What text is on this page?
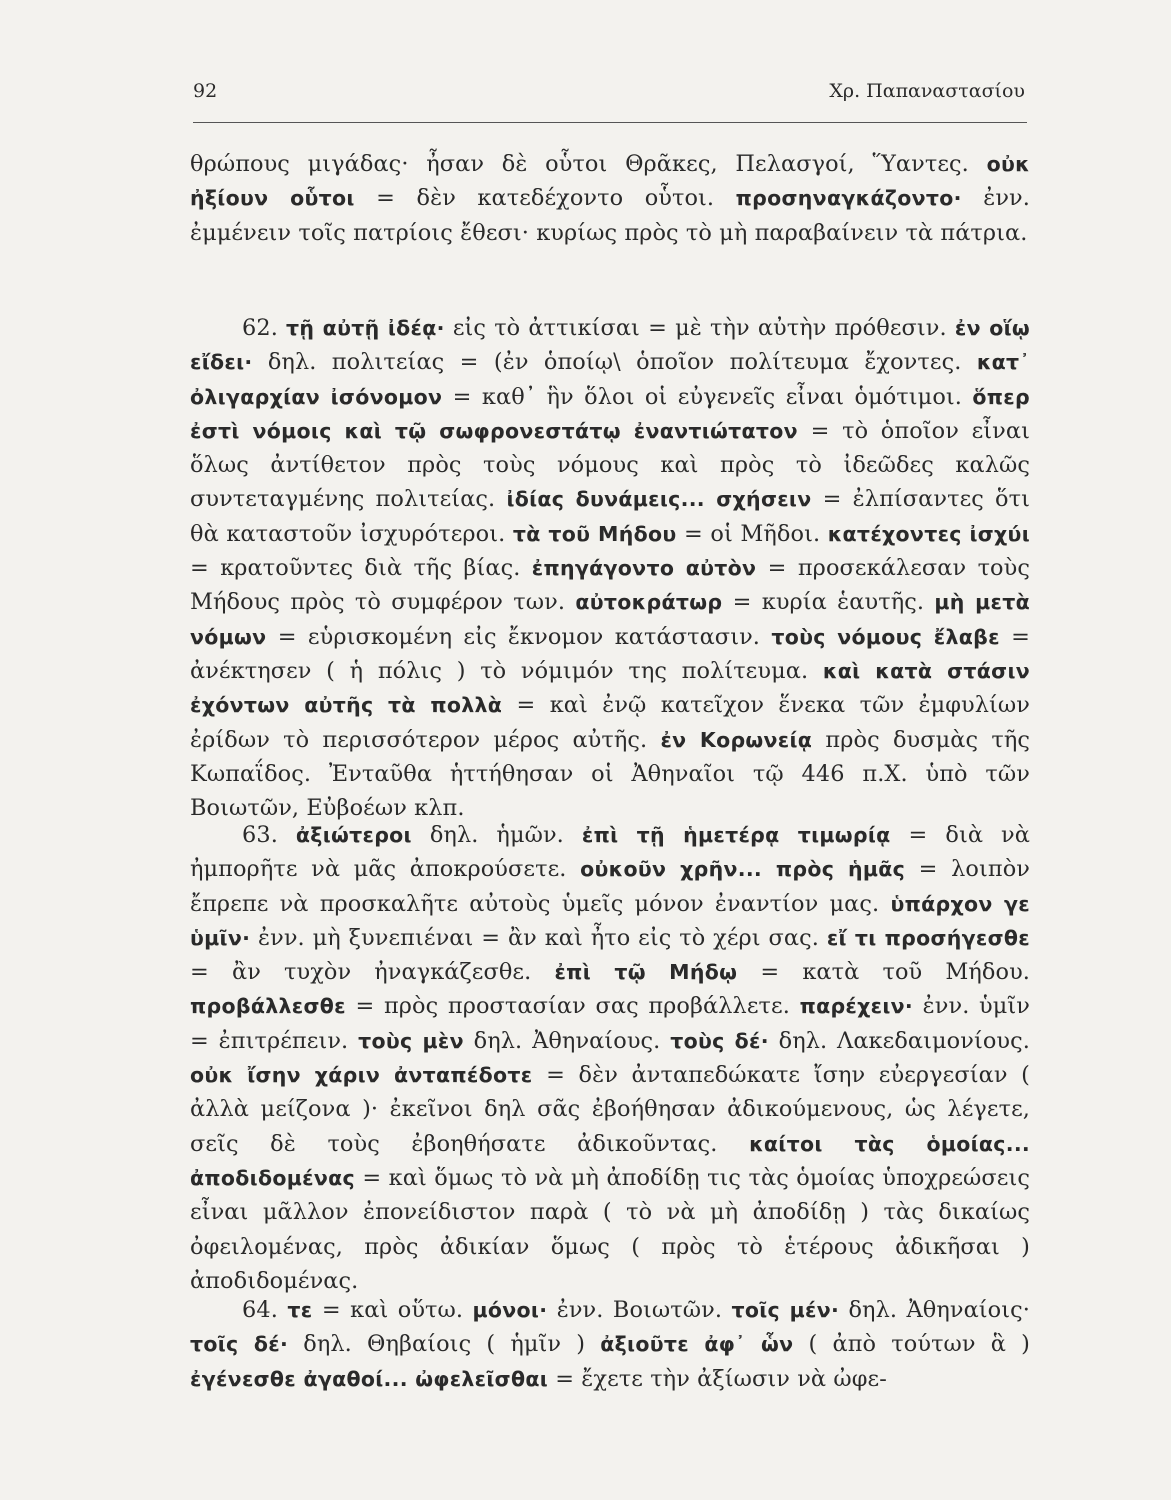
92	Χρ. Παπαναστασίου
θρώπους μιγάδας· ἦσαν δὲ οὗτοι Θρᾶκες, Πελασγοί, Ὕαντες. οὐκ ἠξίουν οὗτοι = δὲν κατεδέχοντο οὗτοι. προσηναγκάζοντο· ἐνν. ἐμμένειν τοῖς πατρίοις ἔθεσι· κυρίως πρὸς τὸ μὴ παραβαίνειν τὰ πάτρια.
62. τῇ αὐτῇ ἰδέᾳ· εἰς τὸ ἀττικίσαι = μὲ τὴν αὐτὴν πρόθεσιν. ἐν οἵῳ εἴδει· δηλ. πολιτείας = (ἐν ὁποίῳ\ ὁποῖον πολίτευμα ἔχοντες. κατ᾽ ὀλιγαρχίαν ἰσόνομον = καθ᾽ ἣν ὅλοι οἱ εὐγενεῖς εἶναι ὁμότιμοι. ὅπερ ἐστὶ νόμοις καὶ τῷ σωφρονεστάτῳ ἐναντιώτατον = τὸ ὁποῖον εἶναι ὅλως ἀντίθετον πρὸς τοὺς νόμους καὶ πρὸς τὸ ἰδεῶδες καλῶς συντεταγμένης πολιτείας. ἰδίας δυνάμεις... σχήσειν = ἐλπίσαντες ὅτι θὰ καταστοῦν ἰσχυρότεροι. τὰ τοῦ Μήδου = οἱ Μῆδοι. κατέχοντες ἰσχύι = κρατοῦντες διὰ τῆς βίας. ἐπηγάγοντο αὐτὸν = προσεκάλεσαν τοὺς Μήδους πρὸς τὸ συμφέρον των. αὐτοκράτωρ = κυρία ἑαυτῆς. μὴ μετὰ νόμων = εὑρισκομένη εἰς ἔκνομον κατάστασιν. τοὺς νόμους ἔλαβε = ἀνέκτησεν ( ἡ πόλις ) τὸ νόμιμόν της πολίτευμα. καὶ κατὰ στάσιν ἐχόντων αὐτῆς τὰ πολλὰ = καὶ ἐνῷ κατεῖχον ἕνεκα τῶν ἐμφυλίων ἐρίδων τὸ περισσότερον μέρος αὐτῆς. ἐν Κορωνείᾳ πρὸς δυσμὰς τῆς Κωπαΐδος. Ἐνταῦθα ἡττήθησαν οἱ Ἀθηναῖοι τῷ 446 π.Χ. ὑπὸ τῶν Βοιωτῶν, Εὐβοέων κλπ.
63. ἀξιώτεροι δηλ. ἡμῶν. ἐπὶ τῇ ἡμετέρᾳ τιμωρίᾳ = διὰ νὰ ἠμπορῆτε νὰ μᾶς ἀποκρούσετε. οὐκοῦν χρῆν... πρὸς ἡμᾶς = λοιπὸν ἔπρεπε νὰ προσκαλῆτε αὐτοὺς ὑμεῖς μόνον ἐναντίον μας. ὑπάρχον γε ὑμῖν· ἐνν. μὴ ξυνεπιέναι = ἂν καὶ ἦτο εἰς τὸ χέρι σας. εἴ τι προσήγεσθε = ἂν τυχὸν ἠναγκάζεσθε. ἐπὶ τῷ Μήδῳ = κατὰ τοῦ Μήδου. προβάλλεσθε = πρὸς προστασίαν σας προβάλλετε. παρέχειν· ἐνν. ὑμῖν = ἐπιτρέπειν. τοὺς μὲν δηλ. Ἀθηναίους. τοὺς δέ· δηλ. Λακεδαιμονίους. οὐκ ἴσην χάριν ἀνταπέδοτε = δὲν ἀνταπεδώκατε ἴσην εὐεργεσίαν ( ἀλλὰ μείζονα )· ἐκεῖνοι δηλ σᾶς ἐβοήθησαν ἀδικούμενους, ὡς λέγετε, σεῖς δὲ τοὺς ἐβοηθήσατε ἀδικοῦντας. καίτοι τὰς ὁμοίας... ἀποδιδομένας = καὶ ὅμως τὸ νὰ μὴ ἀποδίδῃ τις τὰς ὁμοίας ὑποχρεώσεις εἶναι μᾶλλον ἐπονείδιστον παρὰ ( τὸ νὰ μὴ ἀποδίδῃ ) τὰς δικαίως ὀφειλομένας, πρὸς ἀδικίαν ὅμως ( πρὸς τὸ ἑτέρους ἀδικῆσαι ) ἀποδιδομένας.
64. τε = καὶ οὕτω. μόνοι· ἐνν. Βοιωτῶν. τοῖς μέν· δηλ. Ἀθηναίοις· τοῖς δέ· δηλ. Θηβαίοις ( ἡμῖν ) ἀξιοῦτε ἀφ᾽ ὧν ( ἀπὸ τούτων ἃ ) ἐγένεσθε ἀγαθοί... ὠφελεῖσθαι = ἔχετε τὴν ἀξίωσιν νὰ ὠφε-
